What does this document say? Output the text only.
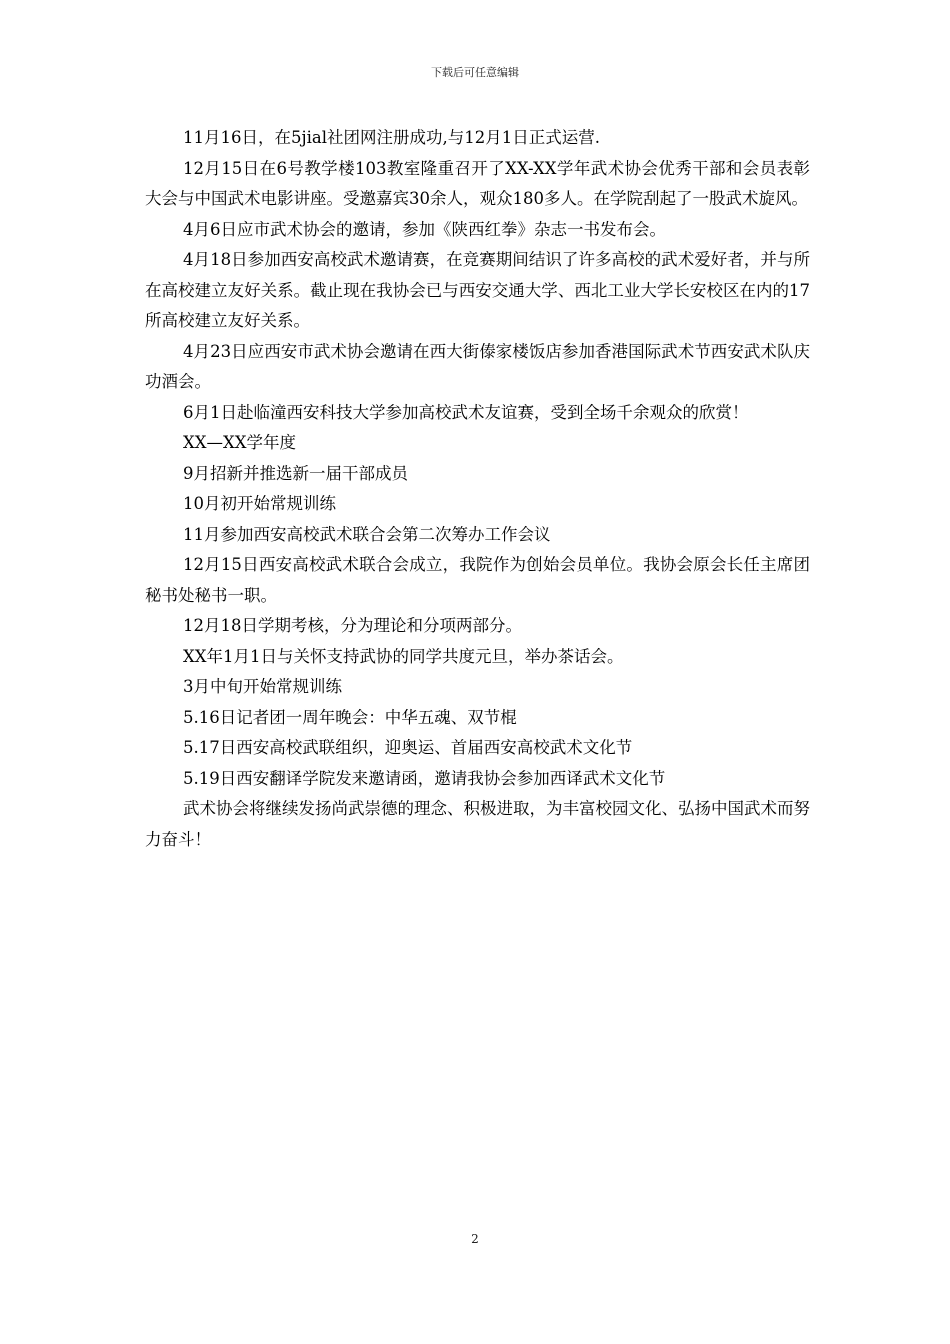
下载后可任意编辑

11月16日，在5jial社团网注册成功,与12月1日正式运营.

12月15日在6号教学楼103教室隆重召开了XX-XX学年武术协会优秀干部和会员表彰大会与中国武术电影讲座。受邀嘉宾30余人，观众180多人。在学院刮起了一股武术旋风。

4月6日应市武术协会的邀请，参加《陕西红拳》杂志一书发布会。

4月18日参加西安高校武术邀请赛，在竞赛期间结识了许多高校的武术爱好者，并与所在高校建立友好关系。截止现在我协会已与西安交通大学、西北工业大学长安校区在内的17所高校建立友好关系。

4月23日应西安市武术协会邀请在西大街傣家楼饭店参加香港国际武术节西安武术队庆功酒会。

6月1日赴临潼西安科技大学参加高校武术友谊赛，受到全场千余观众的欣赏！

XX—XX学年度

9月招新并推选新一届干部成员

10月初开始常规训练

11月参加西安高校武术联合会第二次筹办工作会议

12月15日西安高校武术联合会成立，我院作为创始会员单位。我协会原会长任主席团秘书处秘书一职。

12月18日学期考核，分为理论和分项两部分。

XX年1月1日与关怀支持武协的同学共度元旦，举办茶话会。

3月中旬开始常规训练

5.16日记者团一周年晚会：中华五魂、双节棍

5.17日西安高校武联组织，迎奥运、首届西安高校武术文化节

5.19日西安翻译学院发来邀请函，邀请我协会参加西译武术文化节

武术协会将继续发扬尚武崇德的理念、积极进取，为丰富校园文化、弘扬中国武术而努力奋斗！

2
